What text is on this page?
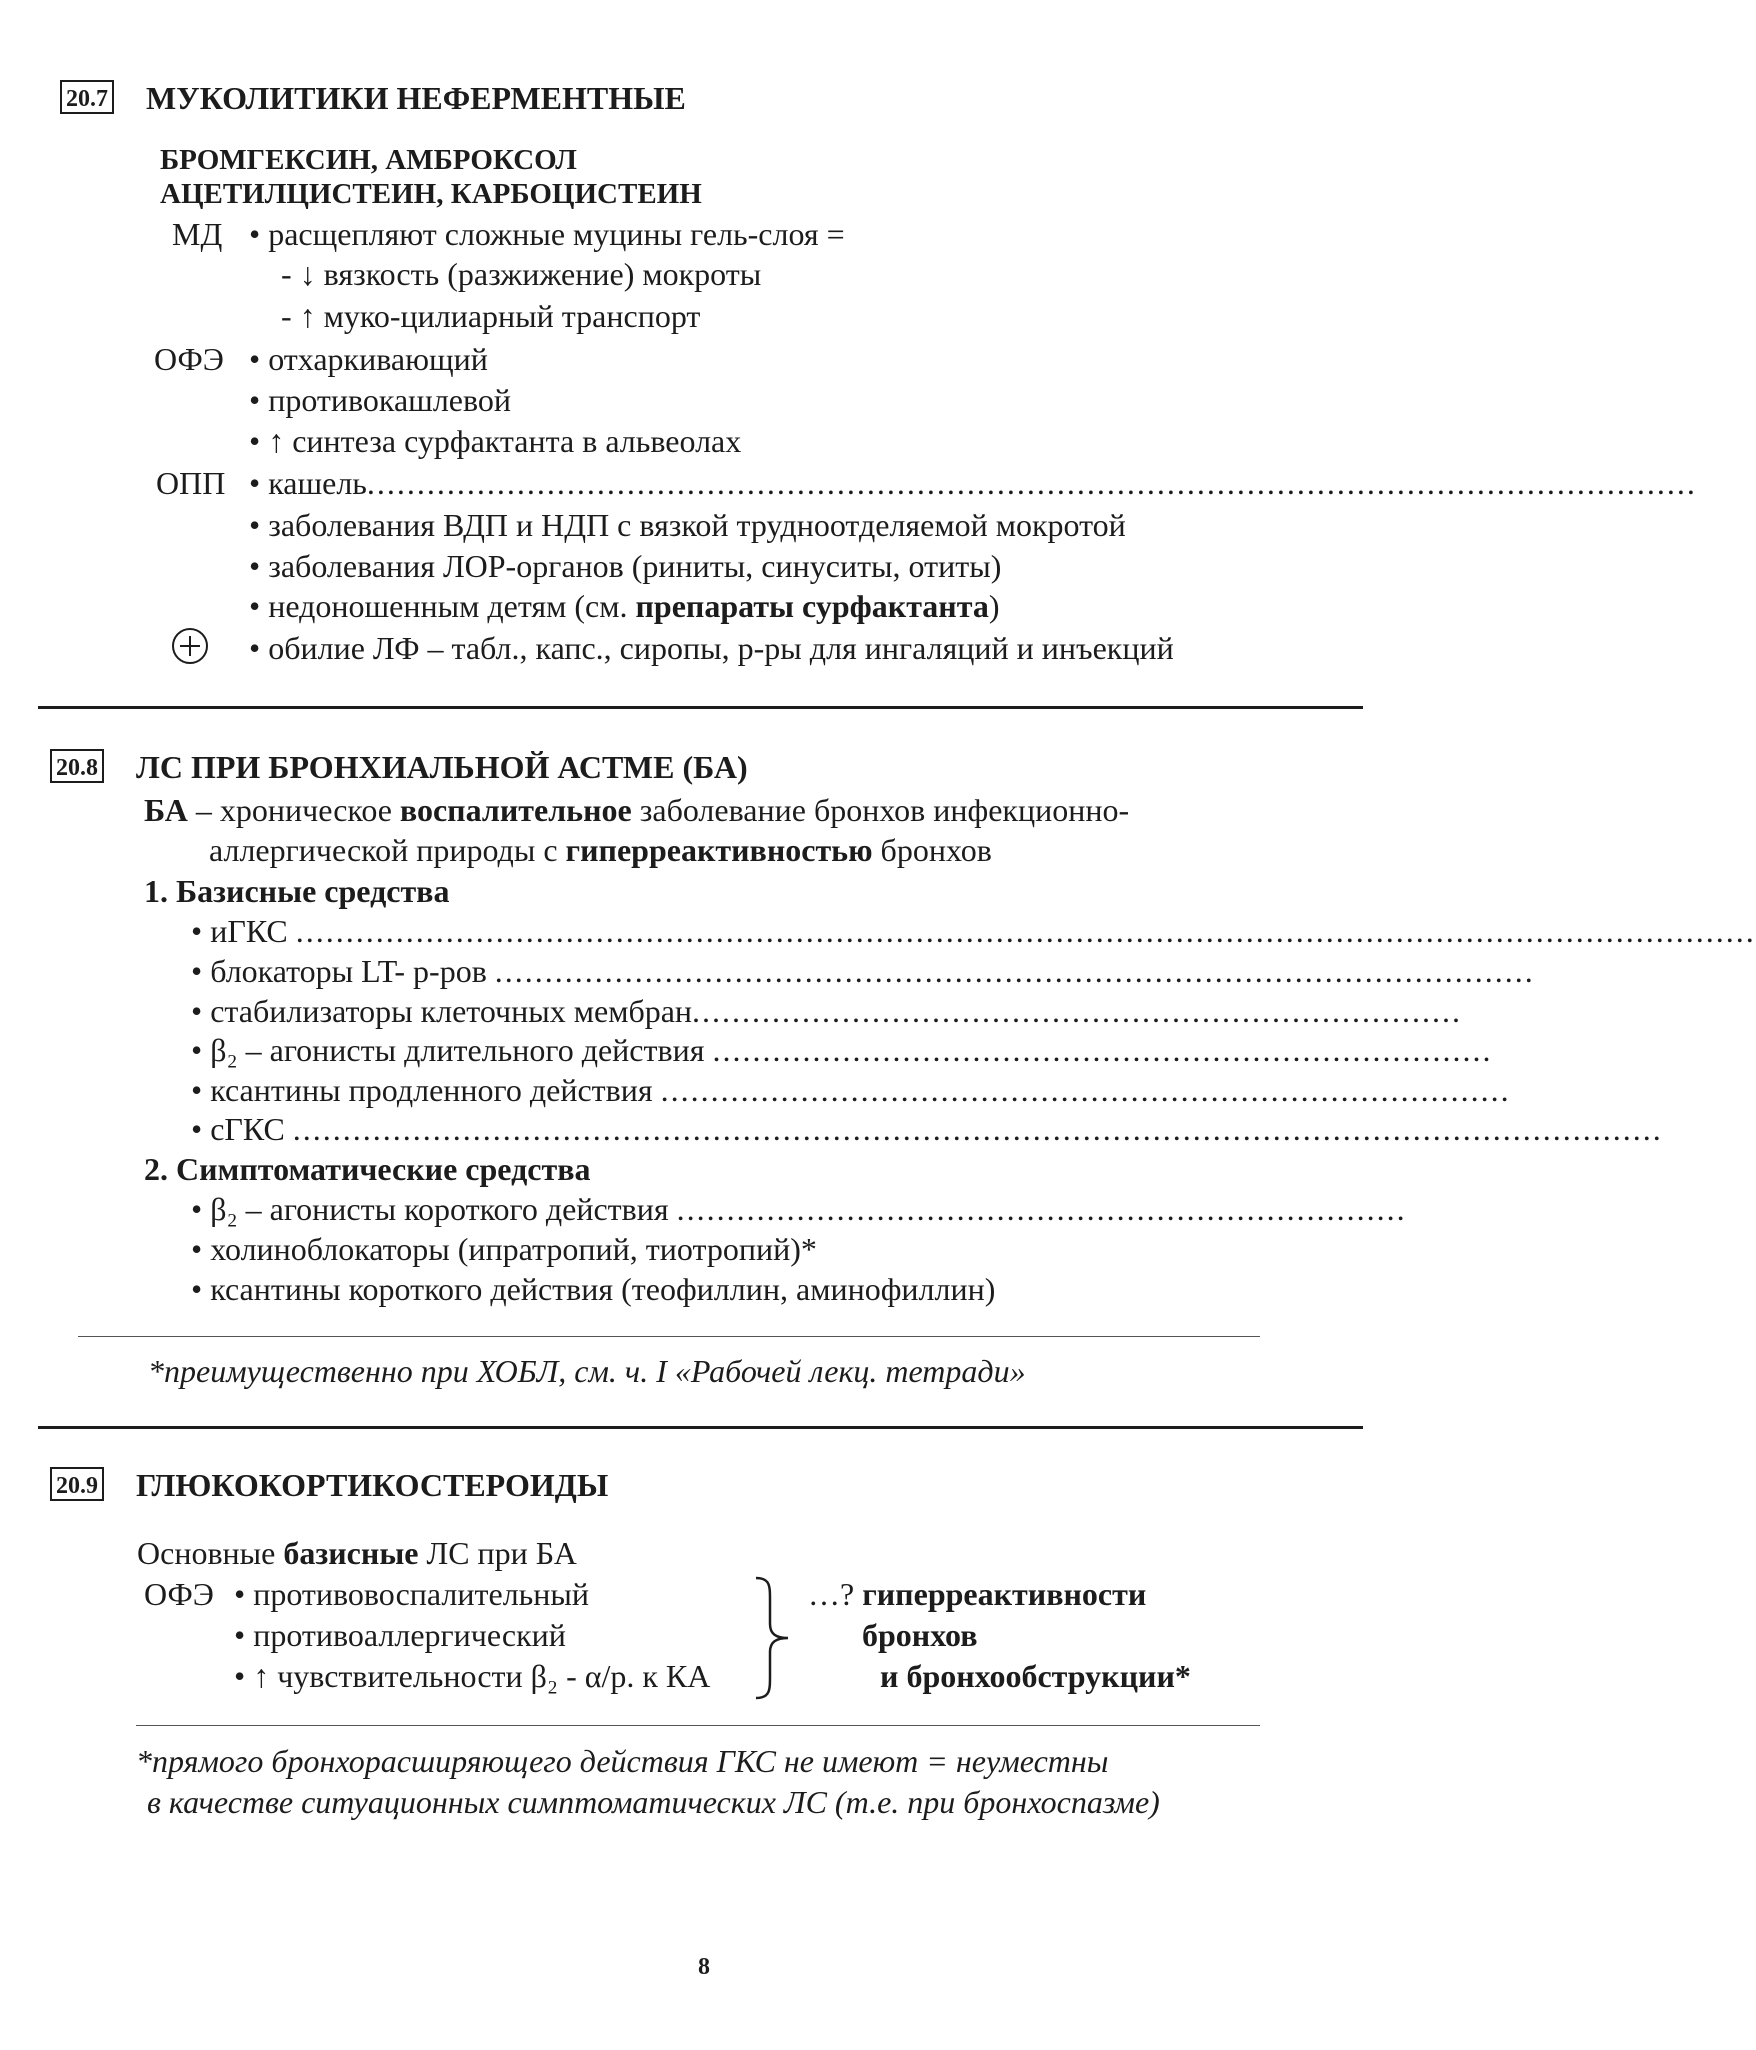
20.7 МУКОЛИТИКИ НЕФЕРМЕНТНЫЕ
БРОМГЕКСИН, АМБРОКСОЛ
АЦЕТИЛЦИСТЕИН, КАРБОЦИСТЕИН
МД • расщепляют сложные муцины гель-слоя =
- ↓ вязкость (разжижение) мокроты
- ↑ муко-цилиарный транспорт
ОФЭ • отхаркивающий
• противокашлевой
• ↑ синтеза сурфактанта в альвеолах
ОПП • кашель.....................................................................................................................................
• заболевания ВДП и НДП с вязкой трудноотделяемой мокротой
• заболевания ЛОР-органов (риниты, синуситы, отиты)
• недоношенным детям (см. препараты сурфактанта)
• обилие ЛФ – табл., капс., сиропы, р-ры для ингаляций и инъекций
20.8 ЛС ПРИ БРОНХИАЛЬНОЙ АСТМЕ (БА)
БА – хроническое воспалительное заболевание бронхов инфекционно-
аллергической природы с гиперреактивностью бронхов
1. Базисные средства
• иГКС ..................................................................................................................................................
• блокаторы LT- р-ров ........................................................................................................
• стабилизаторы клеточных мембран.............................................................................
• β₂ – агонисты длительного действия ..............................................................................
• ксантины продленного действия .....................................................................................
• сГКС .........................................................................................................................................
2. Симптоматические средства
• β₂ – агонисты короткого действия .........................................................................
• холиноблокаторы (ипратропий, тиотропий)*
• ксантины короткого действия (теофиллин, аминофиллин)
*преимущественно при ХОБЛ, см. ч. I «Рабочей лекц. тетради»
20.9 ГЛЮКОКОРТИКОСТЕРОИДЫ
Основные базисные ЛС при БА
ОФЭ • противовоспалительный
• противоаллергический
• ↑ чувствительности β₂ - α/р. к КА
…? гиперреактивности
бронхов
и бронхообструкции*
*прямого бронхорасширяющего действия ГКС не имеют = неуместны
в качестве ситуационных симптоматических ЛС (т.е. при бронхоспазме)
8
